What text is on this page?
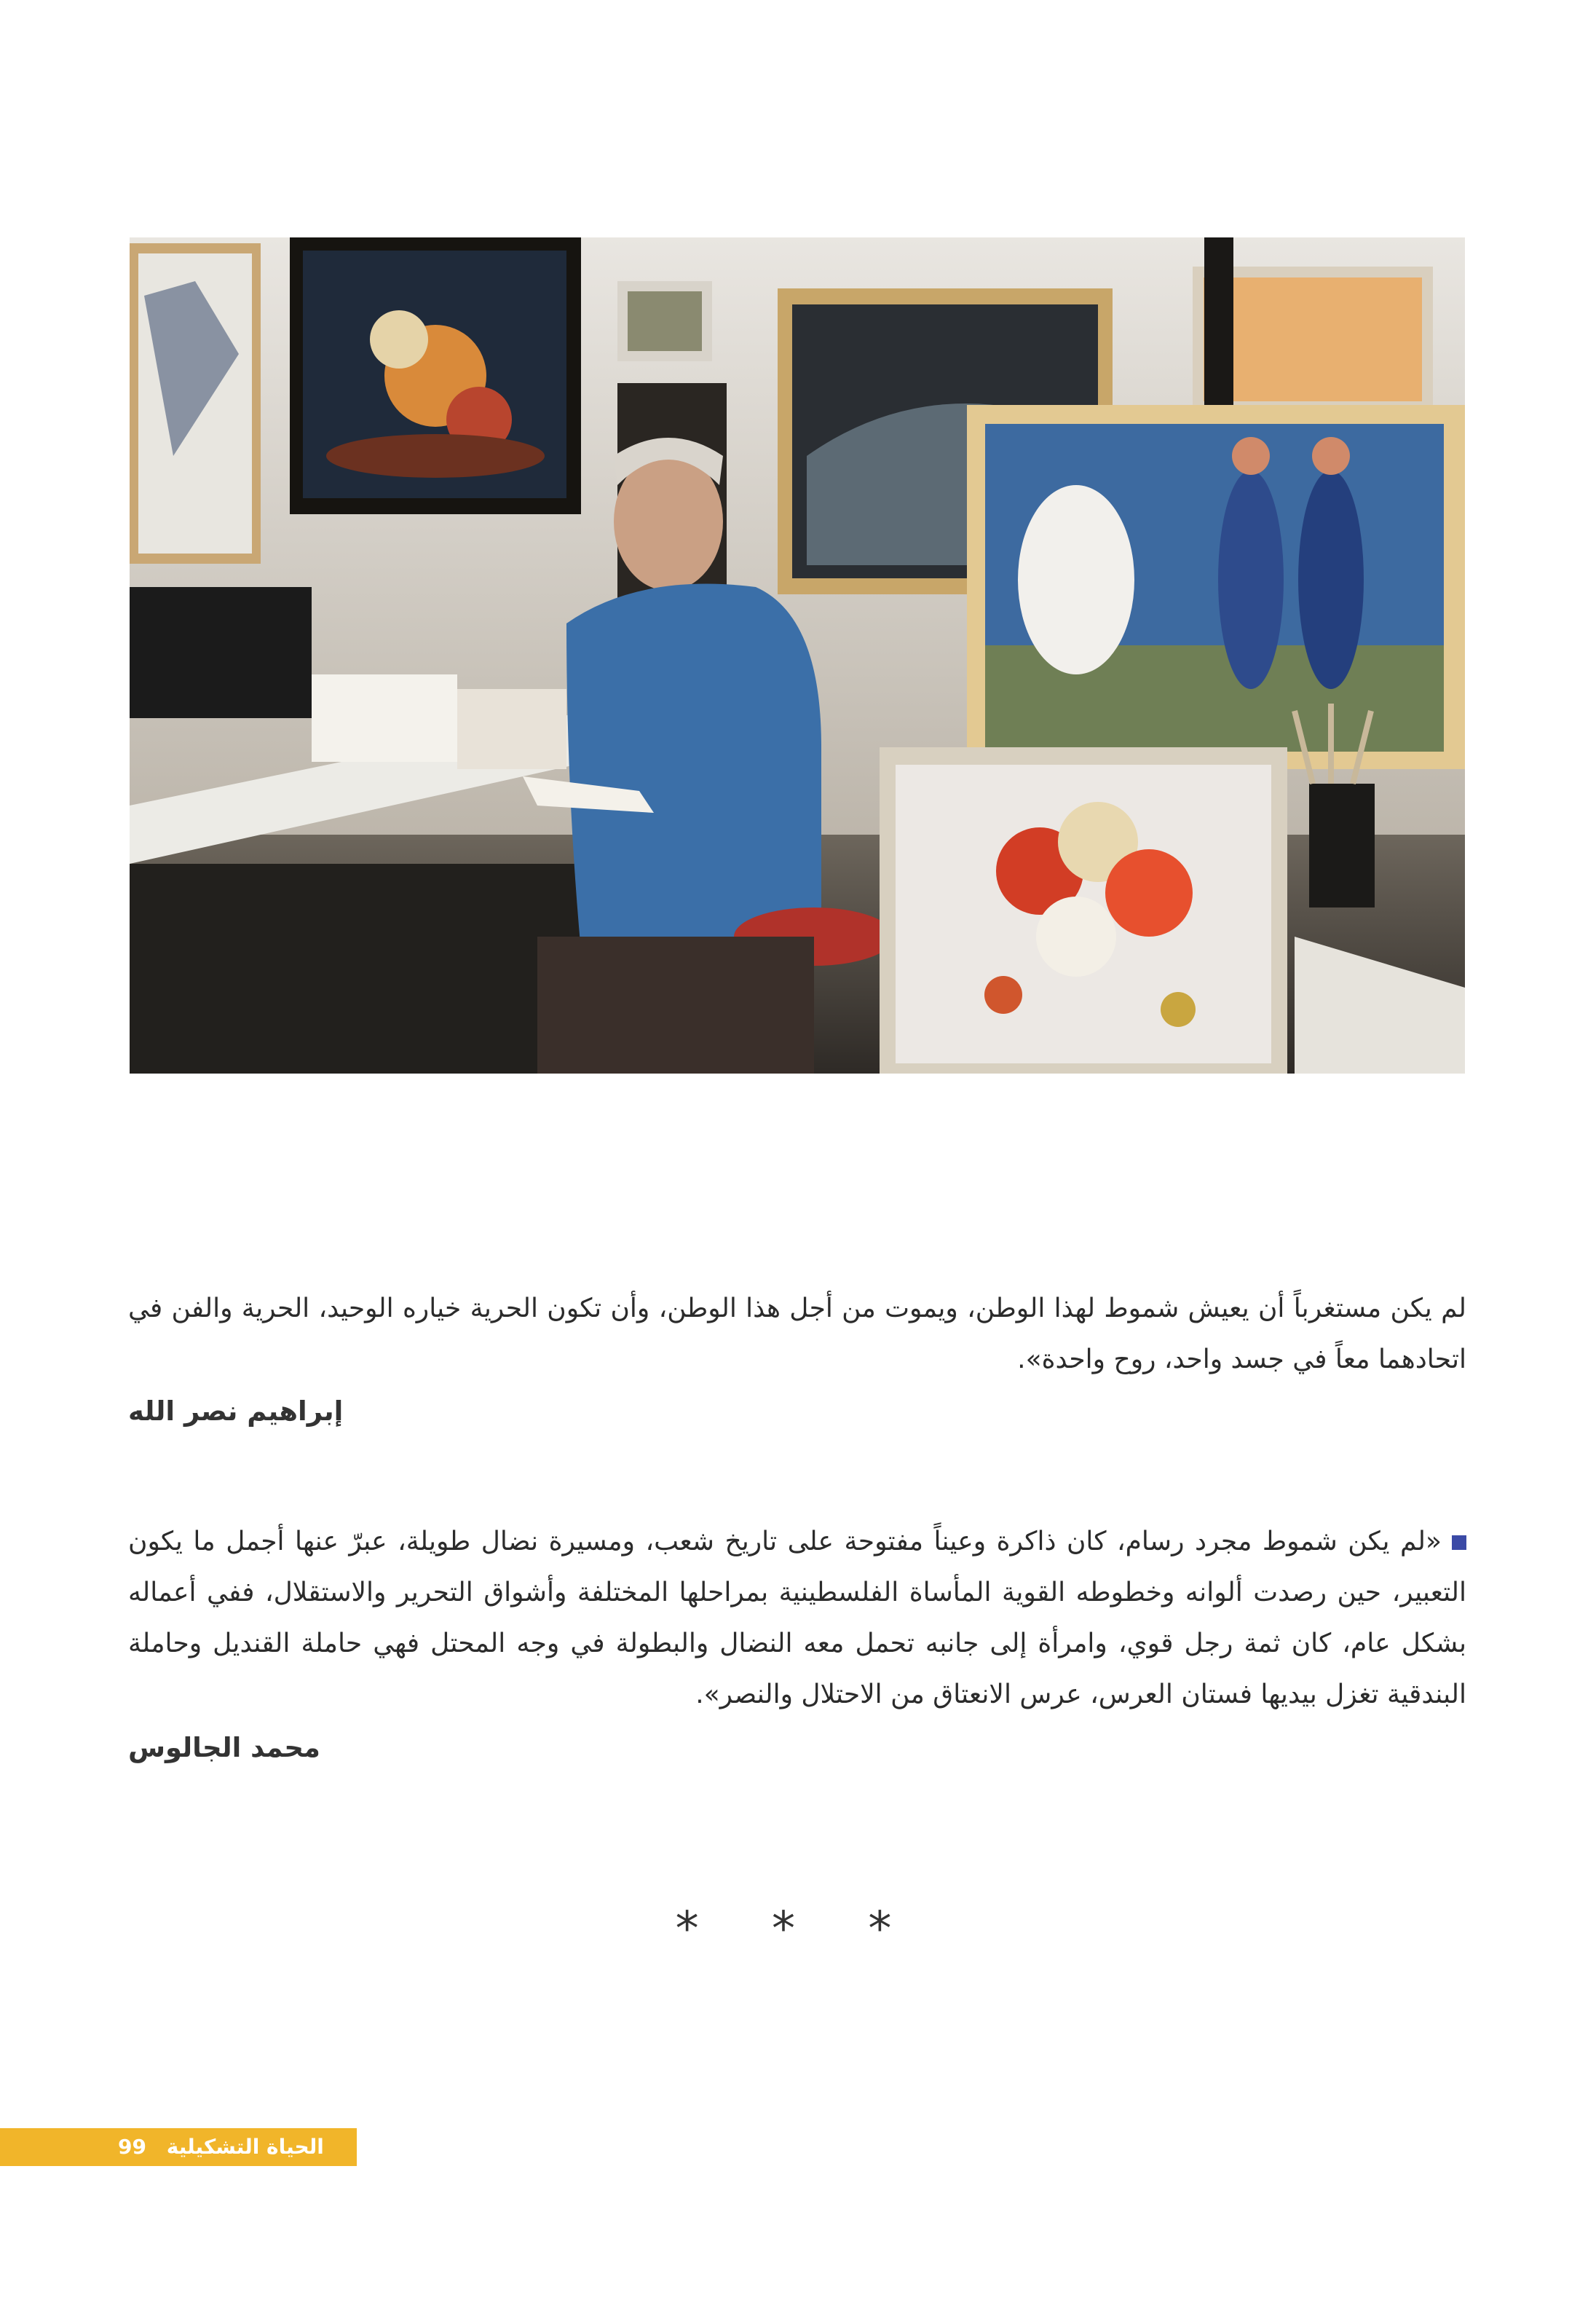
لم يكن مستغرباً أن يعيش شموط لهذا الوطن، ويموت من أجل هذا الوطن، وأن تكون الحرية خياره الوحيد، الحرية والفن في اتحادهما معاً في جسد واحد، روح واحدة».

إبراهيم نصر الله

«لم يكن شموط مجرد رسام، كان ذاكرة وعيناً مفتوحة على تاريخ شعب، ومسيرة نضال طويلة، عبرّ عنها أجمل ما يكون التعبير، حين رصدت ألوانه وخطوطه القوية المأساة الفلسطينية بمراحلها المختلفة وأشواق التحرير والاستقلال، ففي أعماله بشكل عام، كان ثمة رجل قوي، وامرأة إلى جانبه تحمل معه النضال والبطولة في وجه المحتل فهي حاملة القنديل وحاملة البندقية تغزل بيديها فستان العرس، عرس الانعتاق من الاحتلال والنصر».

محمد الجالوس
* * *
الحياة التشكيلية 99
